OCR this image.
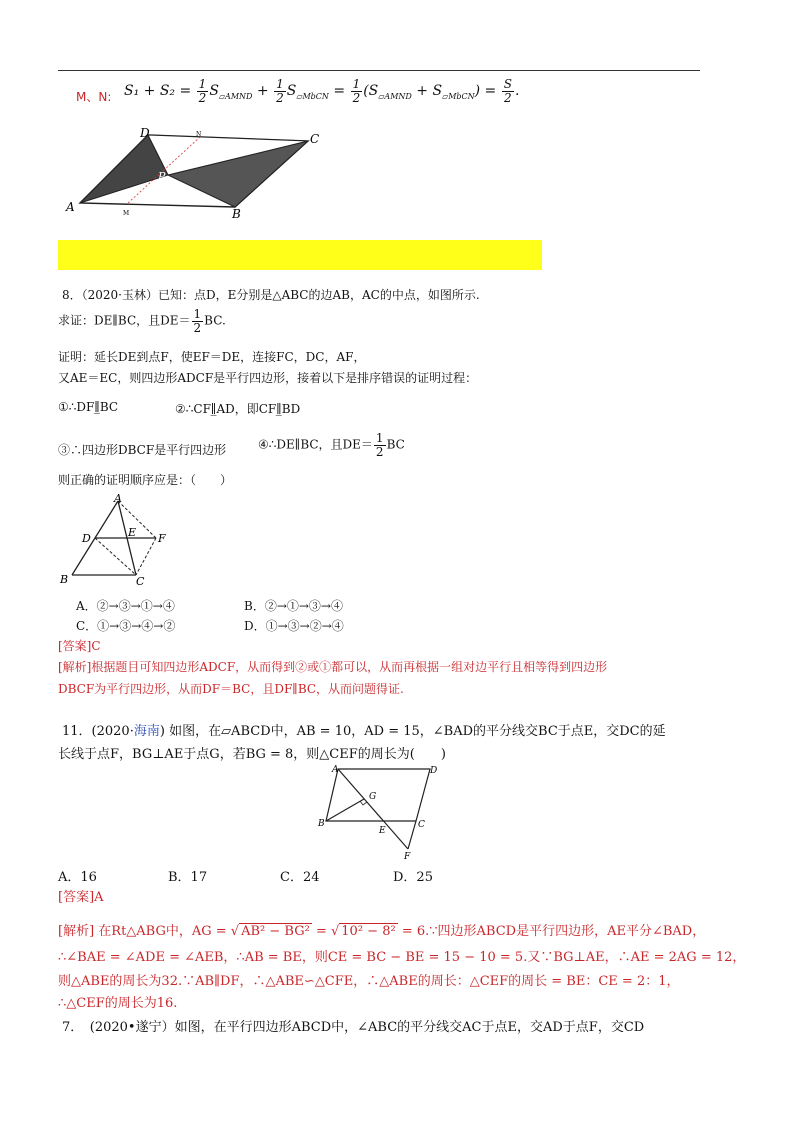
M、N: $S_1 + S_2 = \frac{1}{2} S_{▱AMND} + \frac{1}{2} S_{▱MbCN} = \frac{1}{2} (S_{▱AMND} + S_{▱MbCN}) = \frac{S}{2}$ .
D	N	C
P
A	M	B
8．（2020·玉林）已知：点D，E分别是△ABC的边AB，AC的中点，如图所示.
求证：DE∥BC，且$DE= \frac{1}{2}$ BC.
证明：延长DE到点F，使EF＝DE，连接FC，DC，AF，
又AE＝EC，则四边形ADCF是平行四边形，接着以下是排序错误的证明过程：
①∴DF∥̲BC	②∴CF∥̲AD，即CF∥̲BD
③∴四边形DBCF是平行四边形	④∴DE∥BC，且$DE= \frac{1}{2}$ BC
则正确的证明顺序应是：（　　）
A
D	E F
B	C
A．②→③→①→④	B．②→①→③→④
C．①→③→④→②	D．①→③→②→④
[答案]C
[解析]根据题目可知四边形ADCF，从而得到②或①都可以，从而再根据一组对边平行且相等得到四边形
DBCF为平行四边形，从而DF＝BC，且DF∥BC，从而问题得证.
11．(2020·海南) 如图，在▱ABCD中，AB = 10，AD = 15，∠BAD的平分线交BC于点E，交DC的延
长线于点F，BG⊥AE于点G，若BG = 8，则△CEF的周长为(　　)
A	D
G
B
E
C
F
A．16	B．17	C．24	D．25
[答案]A
[解析] 在Rt△ABG中，AG = √ AB² − BG² = √ 10² − 8² = 6.∵四边形ABCD是平行四边形，AE平分∠BAD，
∴∠BAE = ∠ADE = ∠AEB，∴AB = BE，则CE = BC − BE = 15 − 10 = 5.又∵BG⊥AE，∴AE = 2AG = 12，
则△ABE的周长为32.∵AB∥DF，∴△ABE∽△CFE，∴△ABE的周长：△CEF的周长 = BE：CE = 2：1，
∴△CEF的周长为16.
7．　(2020•遂宁）如图，在平行四边形ABCD中，∠ABC的平分线交AC于点E，交AD于点F，交CD
